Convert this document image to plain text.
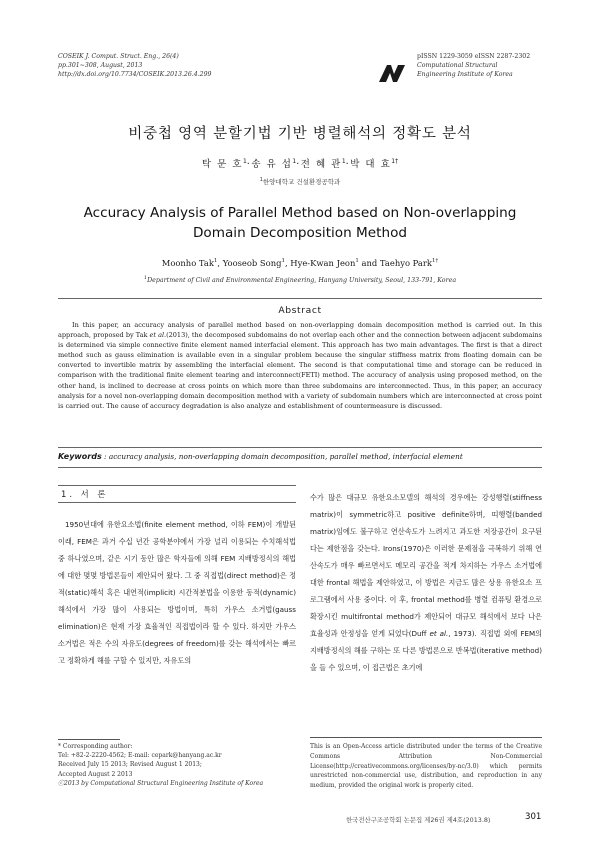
COSEIK J. Comput. Struct. Eng., 26(4)
pp.301~308, August, 2013
http://dx.doi.org/10.7734/COSEIK.2013.26.4.299
pISSN 1229-3059 eISSN 2287-2302
Computational Structural
Engineering Institute of Korea
비중첩 영역 분할기법 기반 병렬해석의 정확도 분석
탁 문 호$^1$·송 유 섭$^1$·전 혜 관$^1$·박 대 효$^{1\dagger}$
$^1$한양대학교 건설환경공학과
Accuracy Analysis of Parallel Method based on Non-overlapping
Domain Decomposition Method
Moonho Tak$^1$, Yooseob Song$^1$, Hye-Kwan Jeon$^1$ and Taehyo Park$^{1\dagger}$
$^1$Department of Civil and Environmental Engineering, Hanyang University, Seoul, 133-791, Korea
Abstract
In this paper, an accuracy analysis of parallel method based on non-overlapping domain decomposition method is carried out. In this approach, proposed by Tak et al.(2013), the decomposed subdomains do not overlap each other and the connection between adjacent subdomains is determined via simple connective finite element named interfacial element. This approach has two main advantages. The first is that a direct method such as gauss elimination is available even in a singular problem because the singular stiffness matrix from floating domain can be converted to invertible matrix by assembling the interfacial element. The second is that computational time and storage can be reduced in comparison with the traditional finite element tearing and interconnect(FETI) method. The accuracy of analysis using proposed method, on the other hand, is inclined to decrease at cross points on which more than three subdomains are interconnected. Thus, in this paper, an accuracy analysis for a novel non-overlapping domain decomposition method with a variety of subdomain numbers which are interconnected at cross point is carried out. The cause of accuracy degradation is also analyze and establishment of countermeasure is discussed.
Keywords : accuracy analysis, non-overlapping domain decomposition, parallel method, interfacial element
1. 서 론
1950년대에 유한요소법(finite element method, 이하 FEM)이 개발된 이래, FEM은 과거 수십 년간 공학분야에서 가장 널리 이용되는 수치해석법 중 하나였으며, 같은 시기 동안 많은 학자들에 의해 FEM 지배방정식의 해법에 대한 몇몇 방법론들이 제안되어 왔다. 그 중 직접법(direct method)은 정적(static)해석 혹은 내연적(implicit) 시간적분법을 이용한 동적(dynamic)해석에서 가장 많이 사용되는 방법이며, 특히 가우스 소거법(gauss elimination)은 현재 가장 효율적인 직접법이라 할 수 있다. 하지만 가우스 소거법은 적은 수의 자유도(degrees of freedom)를 갖는 해석에서는 빠르고 정확하게 해를 구할 수 있지만, 자유도의
수가 많은 대규모 유한요소모델의 해석의 경우에는 강성행렬(stiffness matrix)이 symmetric하고 positive definite하며, 띠행렬(banded matrix)임에도 불구하고 연산속도가 느려지고 과도한 저장공간이 요구된다는 제한점을 갖는다. Irons(1970)은 이러한 문제점을 극복하기 위해 연산속도가 매우 빠르면서도 메모리 공간을 적게 차지하는 가우스 소거법에 대한 frontal 해법을 제안하였고, 이 방법은 지금도 많은 상용 유한요소 프로그램에서 사용 중이다. 이 후, frontal method를 병렬 컴퓨팅 환경으로 확장시킨 multifrontal method가 제안되어 대규모 해석에서 보다 나은 효율성과 안정성을 얻게 되었다(Duff et al., 1973). 직접법 외에 FEM의 지배방정식의 해를 구하는 또 다른 방법론으로 반복법(iterative method)을 들 수 있으며, 이 접근법은 초기에
* Corresponding author:
Tel: +82-2-2220-4562; E-mail: cepark@hanyang.ac.kr
Received July 15 2013; Revised August 1 2013;
Accepted August 2 2013
ⓒ2013 by Computational Structural Engineering Institute of Korea
This is an Open-Access article distributed under the terms of the Creative Commons Attribution Non-Commercial License(http://creativecommons.org/licenses/by-nc/3.0) which permits unrestricted non-commercial use, distribution, and reproduction in any medium, provided the original work is properly cited.
한국전산구조공학회 논문집 제26권 제4호(2013.8)	301
